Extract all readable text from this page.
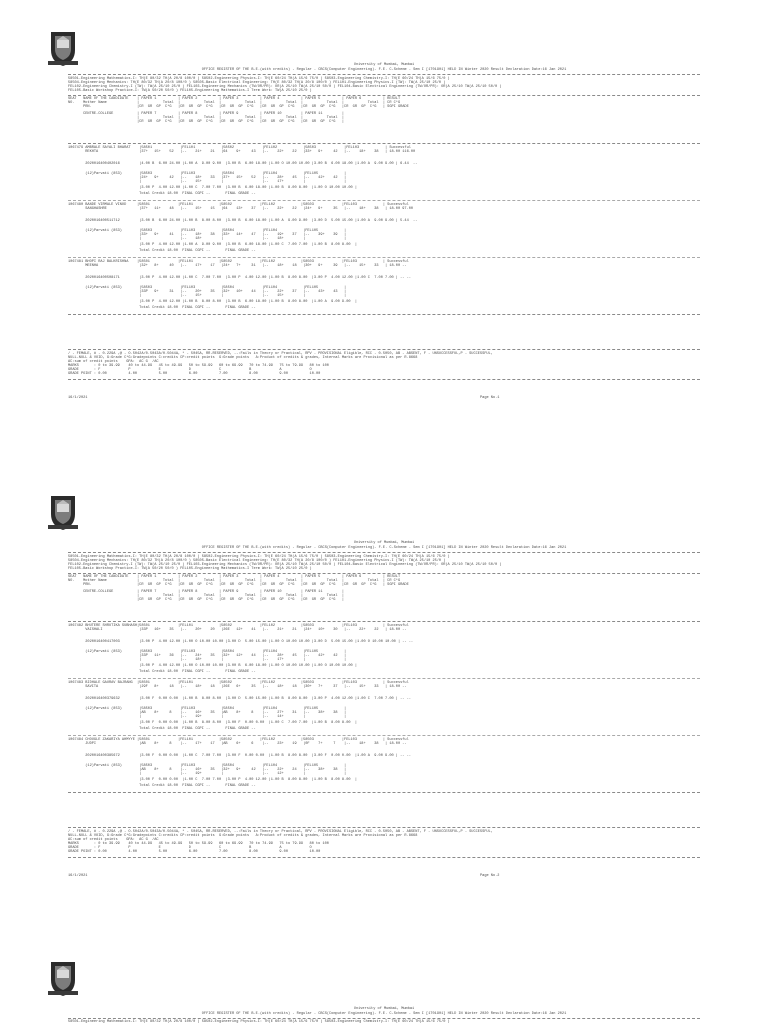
University of Mumbai, Mumbai
OFFICE REGISTER OF THE B.E.(with credits) - Regular - CBCS(Computer Engineering)- F.E. C-Scheme - Sem I [1T01901] HELD IN Winter 2020 Result Declaration Date:16 Jan 2021
58501-Engineering Mathematics-I: TH(E 80/32 TH(A 20/8 100/0 ) 58502-Engineering Physics-I: TH(E 60/24 TH(A 15/6 75/0 ) 58503-Engineering Chemistry-I: TH(E 60/24 TH(A 15/6 75/0 )
58504-Engineering Mechanics: TH(E 80/32 TH(A 20/8 100/0 ) 58505-Basic Electrical Engineering: TH(E 80/32 TH(A 20/8 100/0 ) FEL101-Engineering Physics-I (TW): TW(A 25/10 25/0 )
FEL102-Engineering Chemistry-I (TW): TW(A 25/10 25/0 ) FEL103-Engineering Mechanics (TW/OR/PR): OR(A 25/10 TW(A 25/10 50/0 ) FEL104-Basic Electrical Engineering (TW/OR/PR): OR(A 25/10 TW(A 25/10 50/0 )
FEL105-Basic Workshop Practice-I: TW(A 50/20 50/0 ) FEL105-Engineering Mathematics-I Term Work: TW(A 25/10 25/0 )
SEAT   NAME OF THE CANDIDATE    | PAPER 1          | PAPER 2          | PAPER 3          | PAPER 4          | PAPER 5          | PAPER 6          | RESULT
NO.    Mother Name              |           Total  |           Total  |           Total  |           Total  |           Total  |           Total  | CR C*G
PRN.                     |CR  GR  GP  C*G   |CR  GR  GP  C*G   |CR  GR  GP  C*G   |CR  GR  GP  C*G   |CR  GR  GP  C*G   |CR  GR  GP  C*G   | SGPI GRADE
CENTRE-COLLEGE           | PAPER 7          | PAPER 8          | PAPER 9          | PAPER 10         | PAPER 11         |
|           Total  |           Total  |           Total  |           Total  |           Total  |
|CR  GR  GP  C*G   |CR  GR  GP  C*G   |CR  GR  GP  C*G   |CR  GR  GP  C*G   |CR  GR  GP  C*G   |
1067479 AMBRALE SAYALI BHARAT    |58501             |FEL101            |58502             |FEL102            |58503             |FEL103            | Successful
REKHTA                   |37+   15+    52   |--    21+    21   |64    9+     43   |--    22+    22   |33+   9+     42   |--    18+    38   | 18.00 116.00
2020016400402016         |4.00 B  6.00 24.00 |1.00 A  9.00 9.00  |3.00 B  6.00 18.00 |1.00 O 10.00 10.00 |3.00 B  6.00 18.00 |1.00 A  9.00 9.00 | 6.44  --
(12)Parvati (853)        |58503             |FEL103            |58504             |FEL104            |FEL105            |
|24+   9+     42   |--    18+    33   |37+   15+    52   |--    28+    45   |--    42+    42   |
|                  |--    15+         |                  |--    17+         |                  |
|3.00 P  4.00 12.00 |1.00 C  7.00 7.00  |3.00 B  6.00 18.00 |1.00 B  8.00 8.00  |1.00 O 10.00 10.00 |
Total Credit 18.00  FINAL CGPI --       FINAL GRADE --
1067480 BANDE VIRMALE VINOD     |58501             |FEL101            |58502             |FEL102            |58503             |FEL103            | Successful
SANGHASHRE               |37+   11+    48   |--    15+    15   |64    13+    37   |--    22+    22   |24+   9+     35   |--    18+    38   | 18.00 97.00
2020016400511712         |3.00 B  6.00 24.00 |1.00 B  8.00 8.00  |3.00 B  6.00 18.00 |1.00 A  9.00 9.00  |3.00 D  5.00 15.00 |1.00 A  9.00 9.00 | 5.44  --
(12)Parvati (853)        |58503             |FEL103            |58504             |FEL104            |FEL105            |
|33+   9+     41   |--    18+    38   |33+   14+    47   |--    19+    37   |--    39+    39   |
|                  |--    18+         |                  |--    18+         |                  |
|3.00 P  4.00 12.00 |1.00 A  9.00 9.00  |3.00 B  6.00 18.00 |1.00 C  7.00 7.00  |1.00 B  8.00 8.00  |
Total Credit 18.00  FINAL CGPI --       FINAL GRADE --
1067481 BHOPI RAJ BALKRISHNA    |58501             |FEL101            |58502             |FEL102            |58503             |FEL103            | Successful
MEENHA                   |32+   8+     40   |--    17+    17   |24+   7+     31   |--    18+    18   |30+   9+     39   |--    15+    33   | 18.00 --
2020016400508171         |3.00 P  4.00 12.00 |1.00 C  7.00 7.00  |3.00 P  4.00 12.00 |1.00 B  8.00 8.00  |3.00 P  4.00 12.00 |1.00 C  7.00 7.00 | -- --
(12)Parvati (853)        |58503             |FEL103            |58504             |FEL104            |FEL105            |
|33P   9+     31   |--    20+    35   |32+   10+    44   |--    22+    37   |--    43+    43   |
|                  |--    15+         |                  |--    15+         |                  |
|3.00 P  4.00 12.00 |1.00 B  8.00 8.00  |3.00 B  6.00 18.00 |1.00 B  8.00 8.00  |1.00 A  9.00 9.00  |
Total Credit 18.00  FINAL CGPI --       FINAL GRADE --
/ - FEMALE, # - 0.229A ,@ - O.5042A/0.5043A/0.5044A, * - 5045A, RR-RESERVED, --:Fails in Theory or Practical, RPV - PROVISIONAL Eligible, RCC - 0.5050, AB - ABSENT, F - UNSUCCESSFUL,P - SUCCESSFUL,
NULL-NULL & VOID, G:Grade C*G:Gradepoints C:credits CP:credit points  G:Grade points   A:Product of credits & grades, Internal Marks are Provisional as per R.8668
AC:sum of credit points    GPA:  AC G  /AC
MARKS       : 0 to 39.99    40 to 44.99   45 to 49.99   50 to 59.99   60 to 69.99   70 to 74.99   75 to 79.99   80 to 100
GRADE       : F             P             E             D             C             B             A             O
GRADE POINT : 0.00          4.00          5.00          6.00          7.00          8.00          9.00          10.00
16/1/2021	Page No.1
University of Mumbai, Mumbai
OFFICE REGISTER OF THE B.E.(with credits) - Regular - CBCS(Computer Engineering)- F.E. C-Scheme - Sem I [1T01901] HELD IN Winter 2020 Result Declaration Date:16 Jan 2021
58501-Engineering Mathematics-I: TH(E 80/32 TH(A 20/8 100/0 ) 58502-Engineering Physics-I: TH(E 60/24 TH(A 15/6 75/0 ) 58503-Engineering Chemistry-I: TH(E 60/24 TH(A 15/6 75/0 )
58504-Engineering Mechanics: TH(E 80/32 TH(A 20/8 100/0 ) 58505-Basic Electrical Engineering: TH(E 80/32 TH(A 20/8 100/0 ) FEL101-Engineering Physics-I (TW): TW(A 25/10 25/0 )
FEL102-Engineering Chemistry-I (TW): TW(A 25/10 25/0 ) FEL103-Engineering Mechanics (TW/OR/PR): OR(A 25/10 TW(A 25/10 50/0 ) FEL104-Basic Electrical Engineering (TW/OR/PR): OR(A 25/10 TW(A 25/10 50/0 )
FEL105-Basic Workshop Practice-I: TW(A 50/20 50/0 ) FEL105-Engineering Mathematics-I Term Work: TW(A 25/10 25/0 )
SEAT   NAME OF THE CANDIDATE    | PAPER 1          | PAPER 2          | PAPER 3          | PAPER 4          | PAPER 5          | PAPER 6          | RESULT
NO.    Mother Name              |           Total  |           Total  |           Total  |           Total  |           Total  |           Total  | CR C*G
PRN.                     |CR  GR  GP  C*G   |CR  GR  GP  C*G   |CR  GR  GP  C*G   |CR  GR  GP  C*G   |CR  GR  GP  C*G   |CR  GR  GP  C*G   | SGPI GRADE
CENTRE-COLLEGE           | PAPER 7          | PAPER 8          | PAPER 9          | PAPER 10         | PAPER 11         |
|           Total  |           Total  |           Total  |           Total  |           Total  |
|CR  GR  GP  C*G   |CR  GR  GP  C*G   |CR  GR  GP  C*G   |CR  GR  GP  C*G   |CR  GR  GP  C*G   |
1067482 BHUTERE SHRUTIKA SUBHASH|58501             |FEL101            |58502             |FEL102            |58503             |FEL103            | Successful
VAISHALI                 |33P   16+    35   |--    20+    20   |26E   12+    41   |--    21+    21   |24+   10+    30   |--    22+    22   | 18.00 --
2020016400417003         |3.00 P  4.00 12.00 |1.00 O 10.00 10.00 |3.00 D  5.00 15.00 |1.00 O 10.00 10.00 |3.00 D  5.00 15.00 |1.00 O 10.00 10.00 | -- --
(12)Parvati (853)        |58503             |FEL103            |58504             |FEL104            |FEL105            |
|33P   11+    36   |--    24+    35   |32+   12+    44   |--    28+    45   |--    42+    42   |
|                  |--    18+         |                  |--    17+         |                  |
|3.00 P  4.00 12.00 |1.00 O 10.00 10.00 |3.00 B  6.00 18.00 |1.00 O 10.00 10.00 |1.00 O 10.00 10.00 |
Total Credit 18.00  FINAL CGPI --       FINAL GRADE --
1067483 BIDHALE GAURAV BAJRANG  |58501             |FEL101            |58502             |FEL102            |58503             |FEL103            | Successful
SAVITA                   |29F   8+     18   |--    18+    18   |26E   6+     35   |--    18+    18   |30+   7+     37   |--    15+    33   | 18.00 --
2020016400379632         |3.00 F  0.00 0.00  |1.00 B  8.00 8.00  |3.00 D  5.00 15.00 |1.00 B  8.00 8.00  |3.00 P  4.00 12.00 |1.00 C  7.00 7.00 | -- --
(12)Parvati (853)        |58503             |FEL103            |58504             |FEL104            |FEL105            |
|AB    8+     8    |--    16+    35   |AB    8+     8    |--    27+    31   |--    38+    38   |
|                  |--    19+         |                  |--    14+         |                  |
|3.00 F  0.00 0.00  |1.00 B  8.00 8.00  |3.00 F  0.00 0.00  |1.00 C  7.00 7.00  |1.00 B  8.00 8.00  |
Total Credit 18.00  FINAL CGPI --       FINAL GRADE --
1067484 CHOUGLE ZAKARIYA AHMYYE |58501             |FEL101            |58502             |FEL102            |58503             |FEL103            | Successful
JUDPI                    |AB    8+     8    |--    17+    17   |AB    6+     6    |--    23+    19   |0F    7+     7    |--    18+    38   | 18.00 --
2020016400385672         |3.00 F  0.00 0.00  |1.00 C  7.00 7.00  |3.00 F  0.00 0.00  |1.00 B  8.00 8.00  |3.00 F  0.00 0.00  |1.00 A  9.00 9.00 | -- --
(12)Parvati (853)        |58503             |FEL103            |58504             |FEL104            |FEL105            |
|AB    8+     8    |--    16+    35   |32+   9+     42   |--    22+    24   |--    38+    38   |
|                  |--    19+         |                  |--    12+         |                  |
|3.00 F  0.00 0.00  |1.00 C  7.00 7.00  |3.00 P  4.00 12.00 |1.00 B  8.00 8.00  |1.00 B  8.00 8.00  |
Total Credit 18.00  FINAL CGPI --       FINAL GRADE --
/ - FEMALE, # - 0.229A ,@ - O.5042A/0.5043A/0.5044A, * - 5045A, RR-RESERVED, --:Fails in Theory or Practical, RPV - PROVISIONAL Eligible, RCC - 0.5050, AB - ABSENT, F - UNSUCCESSFUL,P - SUCCESSFUL,
NULL-NULL & VOID, G:Grade C*G:Gradepoints C:credits CP:credit points  G:Grade points   A:Product of credits & grades, Internal Marks are Provisional as per R.8668
AC:sum of credit points    GPA:  AC G  /AC
MARKS       : 0 to 39.99    40 to 44.99   45 to 49.99   50 to 59.99   60 to 69.99   70 to 74.99   75 to 79.99   80 to 100
GRADE       : F             P             E             D             C             B             A             O
GRADE POINT : 0.00          4.00          5.00          6.00          7.00          8.00          9.00          10.00
16/1/2021	Page No.2
University of Mumbai, Mumbai
OFFICE REGISTER OF THE B.E.(with credits) - Regular - CBCS(Computer Engineering)- F.E. C-Scheme - Sem I [1T01901] HELD IN Winter 2020 Result Declaration Date:16 Jan 2021
58501-Engineering Mathematics-I: TH(E 80/32 TH(A 20/8 100/0 ) 58502-Engineering Physics-I: TH(E 60/24 TH(A 15/6 75/0 ) 58503-Engineering Chemistry-I: TH(E 60/24 TH(A 15/6 75/0 )
